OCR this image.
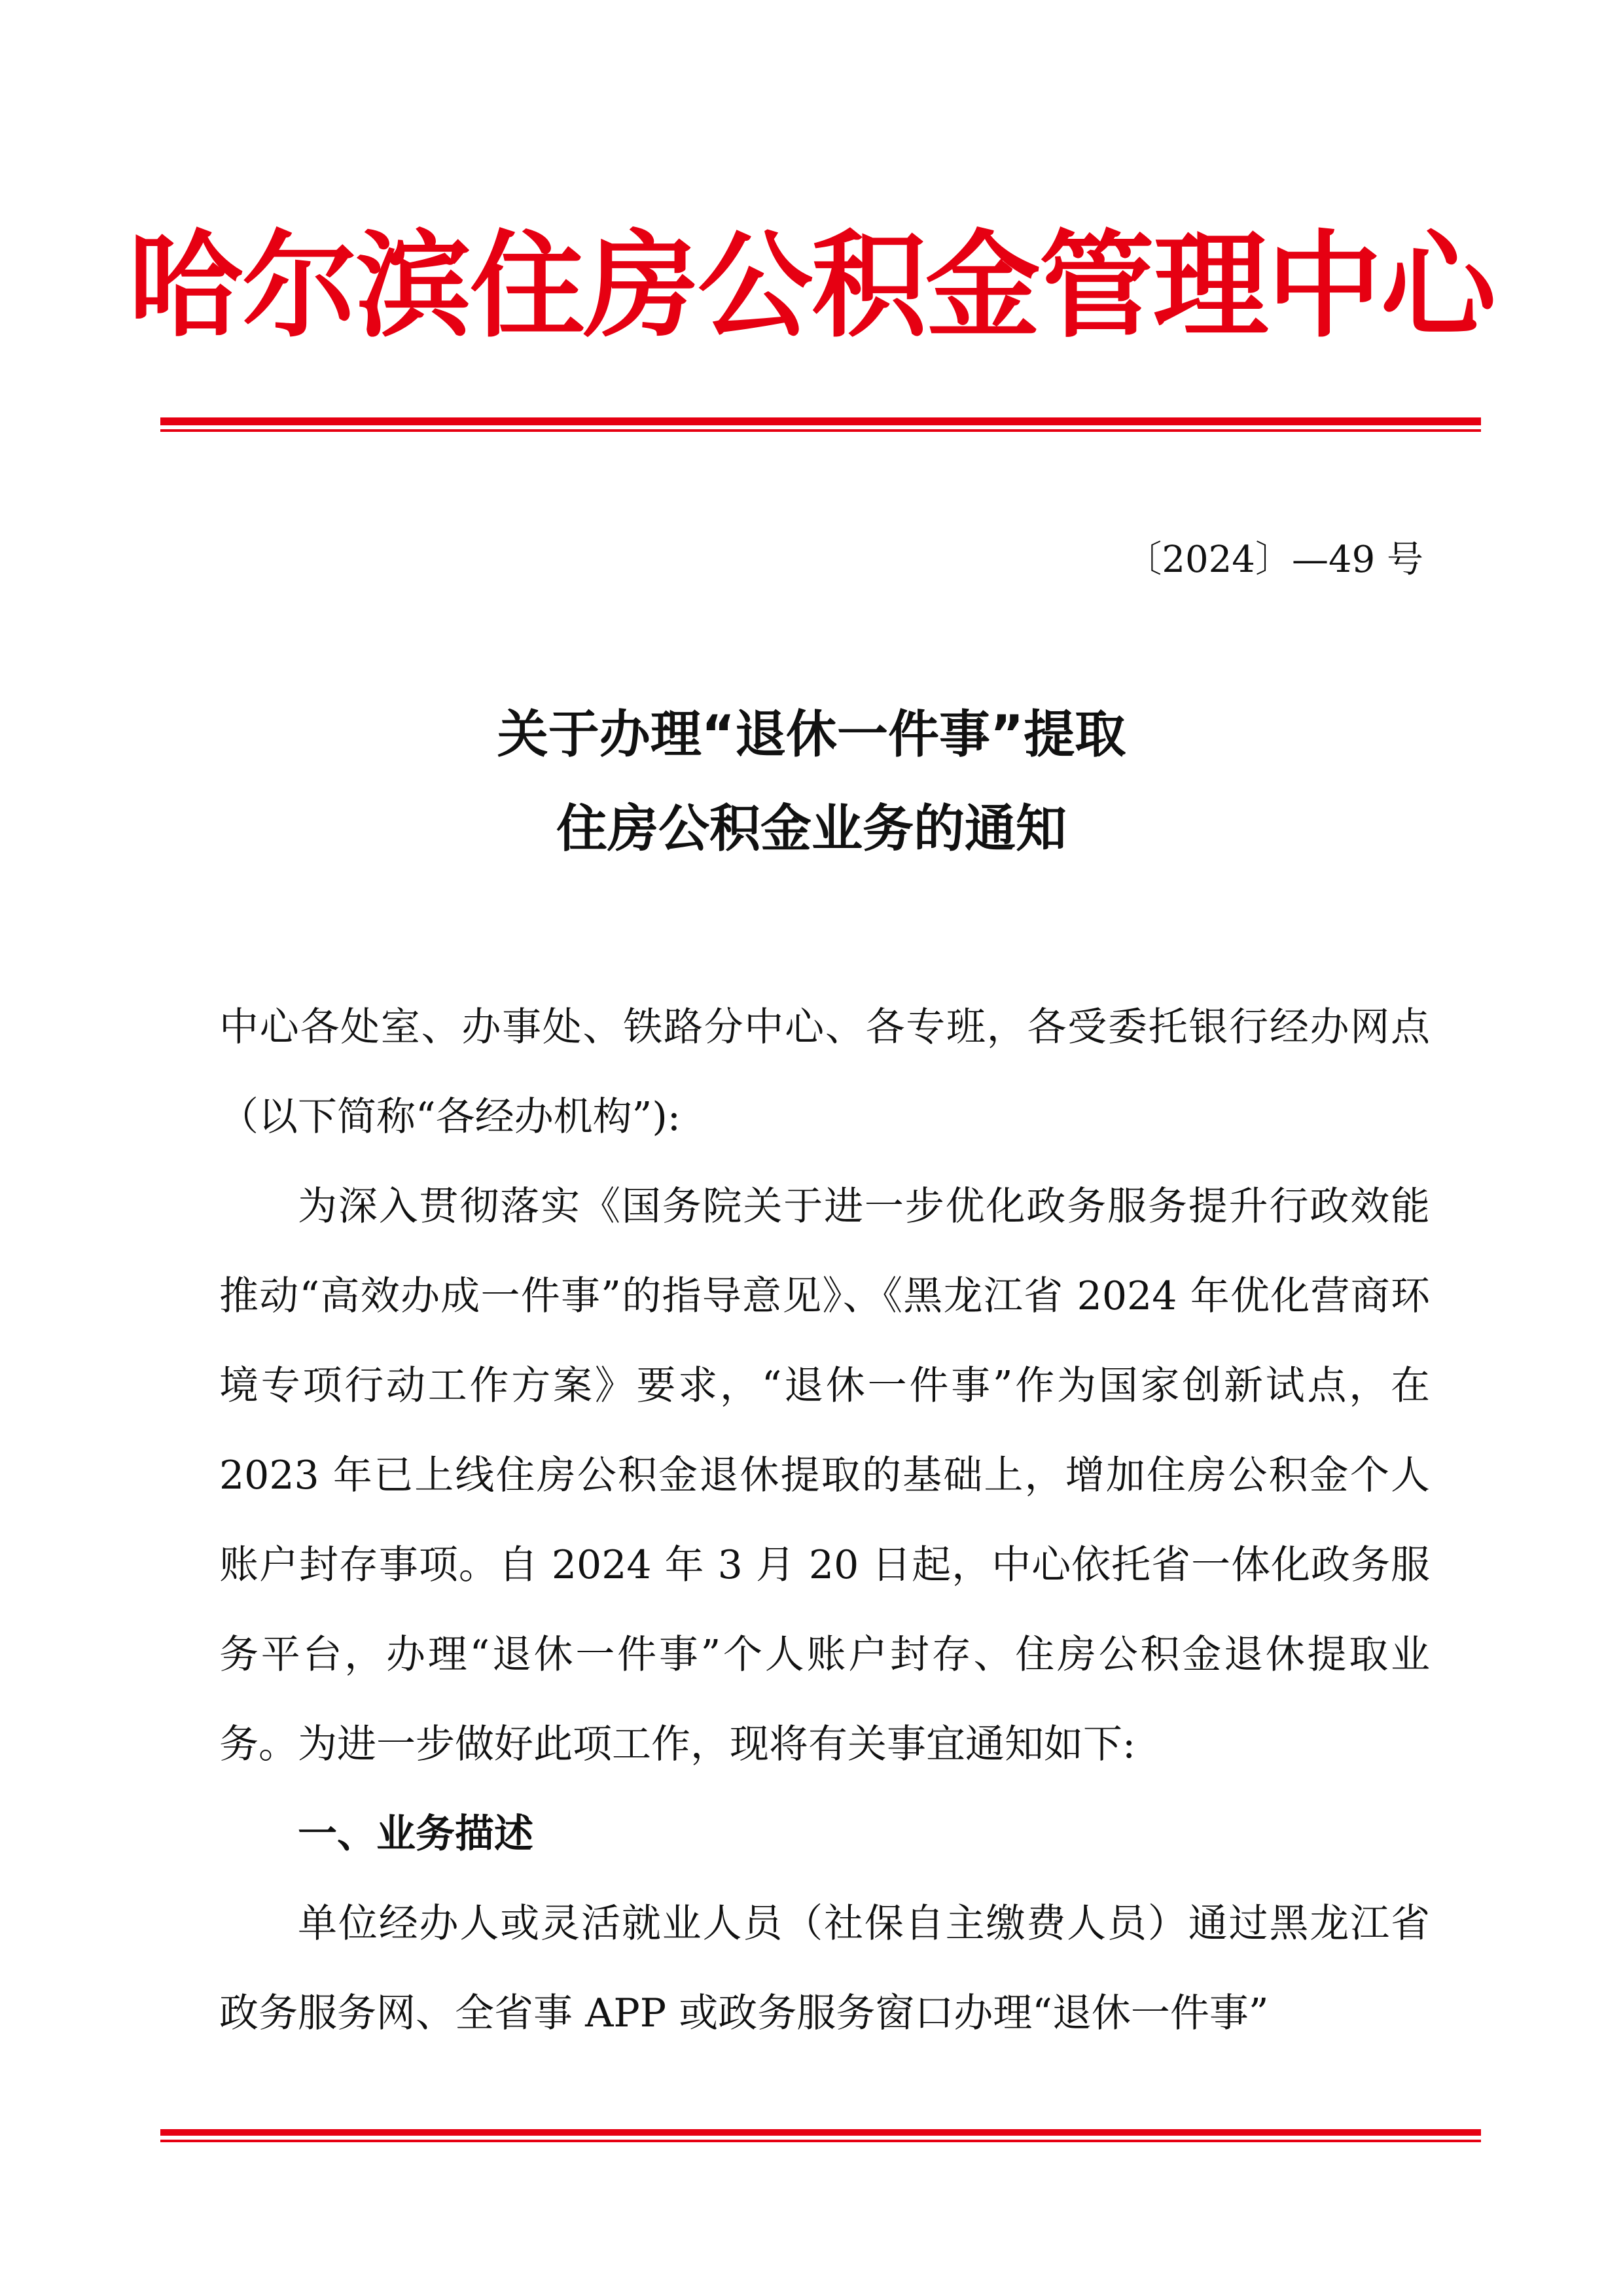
哈尔滨住房公积金管理中心
〔2024〕—49 号
关于办理“退休一件事”提取
住房公积金业务的通知

中心各处室、办事处、铁路分中心、各专班，各受委托银行经办网点（以下简称“各经办机构”):

为深入贯彻落实《国务院关于进一步优化政务服务提升行政效能推动“高效办成一件事”的指导意见》、《黑龙江省 2024 年优化营商环境专项行动工作方案》要求，“退休一件事”作为国家创新试点，在 2023 年已上线住房公积金退休提取的基础上，增加住房公积金个人账户封存事项。自 2024 年 3 月 20 日起，中心依托省一体化政务服务平台，办理“退休一件事”个人账户封存、住房公积金退休提取业务。为进一步做好此项工作，现将有关事宜通知如下:

一、业务描述

单位经办人或灵活就业人员（社保自主缴费人员）通过黑龙江省政务服务网、全省事 APP 或政务服务窗口办理“退休一件事”
